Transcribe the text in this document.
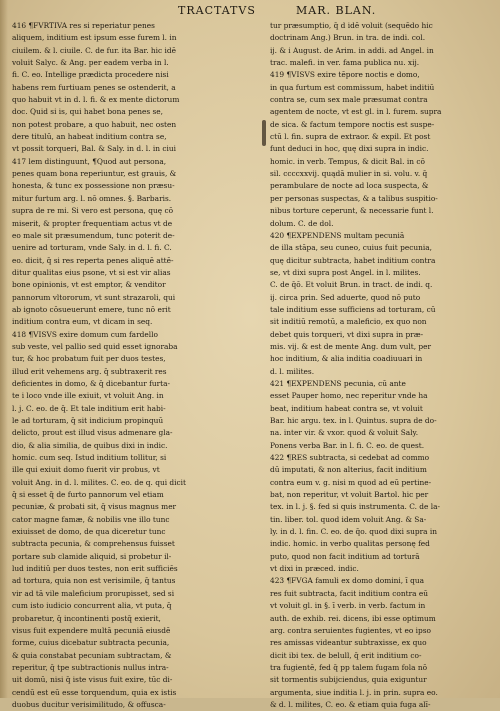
TRACTATVS	MAR. BLAN.
416 ¶FVRTIVA res si reperiatur penes
aliquem, inditium est ipsum esse furem l. in
ciuilem. & l. ciuile. C. de fur. ita Bar. hic idē
voluit Salyc. & Ang. per eadem verba in l.
fi. C. eo. Intellige prædicta procedere nisi
habens rem furtiuam penes se ostenderit, a
quo habuit vt in d. l. fi. & ex mente dictorum
doc. Quid si is, qui habet bona penes se,
non potest probare, a quo habuit, nec osten
dere titulū, an habeat inditium contra se,
vt possit torqueri, Bal. & Saly. in d. l. in ciui
417 lem distinguunt, ¶Quod aut persona,
penes quam bona reperiuntur, est grauis, &
honesta, & tunc ex possessione non præsu-
mitur furtum arg. l. nō omnes. §. Barbaris.
supra de re mi. Si vero est persona, quę cō
miserit, & propter frequentiam actus vt de
eo male sit præsumendum, tunc poterit de-
uenire ad torturam, vnde Saly. in d. l. fi. C.
eo. dicit, q̄ si res reperta penes aliquē attē-
ditur qualitas eius psone, vt si est vir alias
bone opinionis, vt est emptor, & venditor
pannorum vltororum, vt sunt strazaroli, qui
ab ignoto cōsueuerunt emere, tunc nō erit
inditium contra eum, vt dicam in seq.
418 ¶VISVS exire domum cum fardello
sub veste, vel pallio sed quid esset ignoraba
tur, & hoc probatum fuit per duos testes,
illud erit vehemens arg. q̄ subtraxerit res
deficientes in domo, & q̄ dicebantur furta-
te i loco vnde ille exiuit, vt voluit Ang. in
l. j. C. eo. de q̄. Et tale inditium erit habi-
le ad torturam, q̄ sit indicium propinquū
delicto, prout est illud visus admenare gla-
dio, & alia similia, de quibus dixi in indic.
homic. cum seq. Istud inditium tollitur, si
ille qui exiuit domo fuerit vir probus, vt
voluit Ang. in d. l. milites. C. eo. de q. qui dicit
q̄ si esset q̄ de furto pannorum vel etiam
pecuniæ, & probati sit, q̄ visus magnus mer
cator magne famæ, & nobilis vne illo tunc
exiuisset de domo, de qua diceretur tunc
subtracta pecunia, & comprehensus fuisset
portare sub clamide aliquid, si probetur il-
lud inditiū per duos testes, non erit sufficiēs
ad tortura, quia non est verisimile, q̄ tantus
vir ad tā vile maleficium prorupisset, sed si
cum isto iudicio concurrent alia, vt puta, q̄
probaretur, q̄ incontinenti postq̄ exierit,
visus fuit expendere multā pecuniā eiusdē
forme, cuius dicebatur subtracta pecunia,
& quia constabat pecuniam subtractam, &
reperitur, q̄ tpe subtractionis nullus intra-
uit domū, nisi q̄ iste visus fuit exire, tūc di-
cendū est eū esse torquendum, quia ex istis
duobus ducitur verisimilitudo, & offusca-
tur præsumptio, q̄ d idē voluit (sequēdo hic
doctrinam Ang.) Brun. in tra. de indi. col.
ij. & i August. de Arim. in addi. ad Angel. in
trac. malefi. in ver. fama publica nu. xij.
419 ¶VISVS exire tēpore noctis e domo,
in qua furtum est commissum, habet inditiū
contra se, cum sex male præsumat contra
agentem de nocte, vt est gl. in l. furem. supra
de sica. & factum tempore noctis est suspe-
ctū l. fin. supra de extraor. & expil. Et post
funt deduci in hoc, quę dixi supra in indic.
homic. in verb. Tempus, & dicit Bal. in cō
sil. ccccxxvij. quądā mulier in si. volu. v. q̄
perambulare de nocte ad loca suspecta, &
per personas suspectas, & a talibus suspitio-
nibus torture ceperunt, & necessarie funt l.
dolum. C. de dol.
420 ¶EXPENDENS multam pecuniā
de illa stāpa, seu cuneo, cuius fuit pecunia,
quę dicitur subtracta, habet inditium contra
se, vt dixi supra post Angel. in l. milites.
C. de q̄ō. Et voluit Brun. in tract. de indi. q.
ij. circa prin. Sed aduerte, quod nō puto
tale inditium esse sufficiens ad torturam, cū
sit inditiū remotū, a maleficio, ex quo non
debet quis torqueri, vt dixi supra in præ-
mis. vij. & est de mente Ang. dum vult, per
hoc inditium, & alia inditia coadiuuari in
d. l. milites.
421 ¶EXPENDENS pecunia, cū ante
esset Pauper homo, nec reperitur vnde ha
beat, inditium habeat contra se, vt voluit
Bar. hic argu. tex. in l. Quintus. supra de do-
na. inter vir. & vxor. quod & voluit Saly.
Ponens verba Bar. in l. fi. C. eo. de quest.
422 ¶RES subtracta, si cedebat ad commo
dū imputati, & non alterius, facit inditium
contra eum v. g. nisi m quod ad eū pertine-
bat, non reperitur, vt voluit Bartol. hic per
tex. in l. j. §. fed si quis instrumenta. C. de la-
tin. liber. tol. quod idem voluit Ang. & Sa-
ly. in d. l. fin. C. eo. de q̄o. quod dixi supra in
indic. homic. in verbo qualitas personę fed
puto, quod non facit inditium ad torturā
vt dixi in præced. indic.
423 ¶FVGA famuli ex domo domini, ī qua
res fuit subtracta, facit inditium contra eū
vt voluit gl. in §. ī verb. in verb. factum in
auth. de exhib. rei. dicens, ibi esse optimum
arg. contra seruientes fugientes, vt eo ipso
res amissas videantur subtraxisse, ex quo
dicit ibi tex. de belull, q̄ erit inditium co-
tra fugientē, fed q̄ pp talem fugam fola nō
sit tormentis subijciendus, quia exiguntur
argumenta, siue inditia l. j. in prin. supra eo.
& d. l. milites, C. eo. & etiam quia fuga alī-
